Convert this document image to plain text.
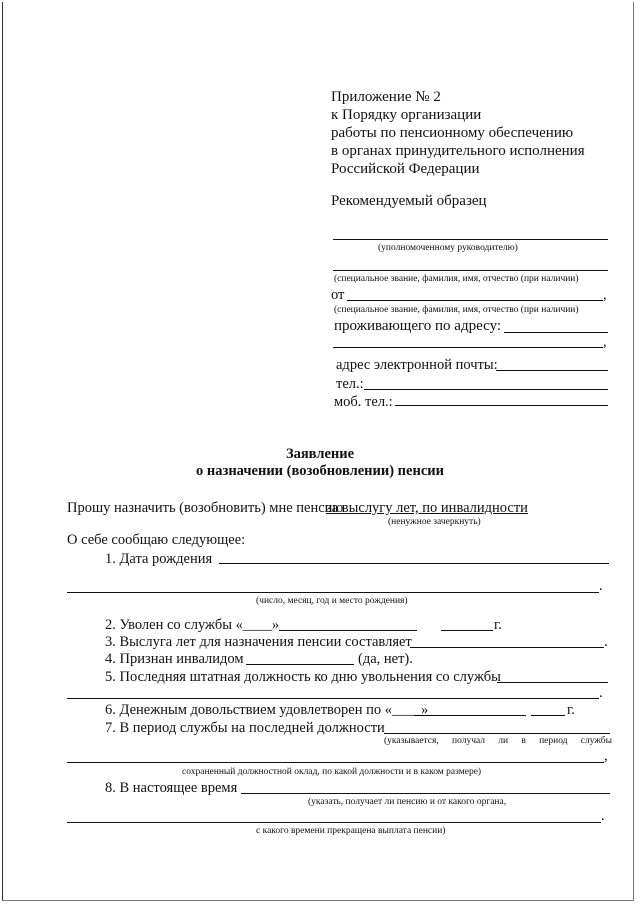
Приложение № 2
к Порядку организации
работы по пенсионному обеспечению
в органах принудительного исполнения
Российской Федерации
Рекомендуемый образец
(уполномоченному руководителю)
(специальное звание, фамилия, имя, отчество (при наличии)
от	,
(специальное звание, фамилия, имя, отчество (при наличии)
проживающего по адресу:
,
адрес электронной почты:
тел.:
моб. тел.:
Заявление
о назначении (возобновлении) пенсии
Прошу назначить (возобновить) мне пенсию
за выслугу лет, по инвалидности
(ненужное зачеркнуть)
О себе сообщаю следующее:
1. Дата рождения
.
(число, месяц, год и место рождения)
2. Уволен со службы «____»	г.
3. Выслуга лет для назначения пенсии составляет	.
4. Признан инвалидом	(да, нет).
5. Последняя штатная должность ко дню увольнения со службы
.
6. Денежным довольствием удовлетворен по «____»	г.
7. В период службы на последней должности
(указывается, получал ли в период службы
,
сохраненный должностной оклад, по какой должности и в каком размере)
8. В настоящее время
(указать, получает ли пенсию и от какого органа,
.
с какого времени прекращена выплата пенсии)
